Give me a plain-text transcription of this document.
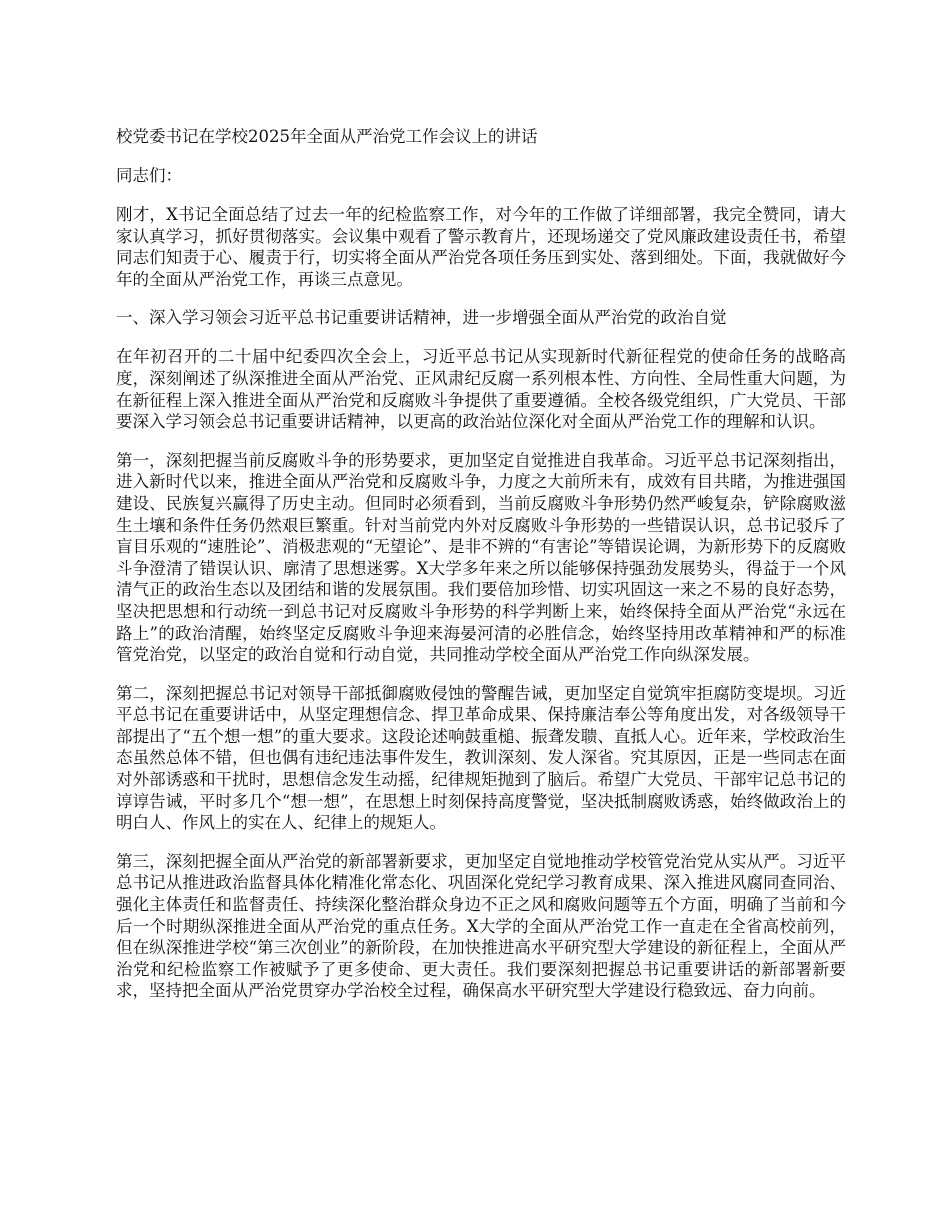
校党委书记在学校2025年全面从严治党工作会议上的讲话
同志们：
刚才，X书记全面总结了过去一年的纪检监察工作，对今年的工作做了详细部署，我完全赞同，请大家认真学习，抓好贯彻落实。会议集中观看了警示教育片，还现场递交了党风廉政建设责任书，希望同志们知责于心、履责于行，切实将全面从严治党各项任务压到实处、落到细处。下面，我就做好今年的全面从严治党工作，再谈三点意见。
一、深入学习领会习近平总书记重要讲话精神，进一步增强全面从严治党的政治自觉
在年初召开的二十届中纪委四次全会上，习近平总书记从实现新时代新征程党的使命任务的战略高度，深刻阐述了纵深推进全面从严治党、正风肃纪反腐一系列根本性、方向性、全局性重大问题，为在新征程上深入推进全面从严治党和反腐败斗争提供了重要遵循。全校各级党组织，广大党员、干部要深入学习领会总书记重要讲话精神，以更高的政治站位深化对全面从严治党工作的理解和认识。
第一，深刻把握当前反腐败斗争的形势要求，更加坚定自觉推进自我革命。习近平总书记深刻指出，进入新时代以来，推进全面从严治党和反腐败斗争，力度之大前所未有，成效有目共睹，为推进强国建设、民族复兴赢得了历史主动。但同时必须看到，当前反腐败斗争形势仍然严峻复杂，铲除腐败滋生土壤和条件任务仍然艰巨繁重。针对当前党内外对反腐败斗争形势的一些错误认识，总书记驳斥了盲目乐观的“速胜论”、消极悲观的“无望论”、是非不辨的“有害论”等错误论调，为新形势下的反腐败斗争澄清了错误认识、廓清了思想迷雾。X大学多年来之所以能够保持强劲发展势头，得益于一个风清气正的政治生态以及团结和谐的发展氛围。我们要倍加珍惜、切实巩固这一来之不易的良好态势，坚决把思想和行动统一到总书记对反腐败斗争形势的科学判断上来，始终保持全面从严治党“永远在路上”的政治清醒，始终坚定反腐败斗争迎来海晏河清的必胜信念，始终坚持用改革精神和严的标准管党治党，以坚定的政治自觉和行动自觉，共同推动学校全面从严治党工作向纵深发展。
第二，深刻把握总书记对领导干部抵御腐败侵蚀的警醒告诫，更加坚定自觉筑牢拒腐防变堤坝。习近平总书记在重要讲话中，从坚定理想信念、捍卫革命成果、保持廉洁奉公等角度出发，对各级领导干部提出了“五个想一想”的重大要求。这段论述响鼓重槌、振聋发聩、直抵人心。近年来，学校政治生态虽然总体不错，但也偶有违纪违法事件发生，教训深刻、发人深省。究其原因，正是一些同志在面对外部诱惑和干扰时，思想信念发生动摇，纪律规矩抛到了脑后。希望广大党员、干部牢记总书记的谆谆告诫，平时多几个“想一想”，在思想上时刻保持高度警觉，坚决抵制腐败诱惑，始终做政治上的明白人、作风上的实在人、纪律上的规矩人。
第三，深刻把握全面从严治党的新部署新要求，更加坚定自觉地推动学校管党治党从实从严。习近平总书记从推进政治监督具体化精准化常态化、巩固深化党纪学习教育成果、深入推进风腐同查同治、强化主体责任和监督责任、持续深化整治群众身边不正之风和腐败问题等五个方面，明确了当前和今后一个时期纵深推进全面从严治党的重点任务。X大学的全面从严治党工作一直走在全省高校前列，但在纵深推进学校“第三次创业”的新阶段，在加快推进高水平研究型大学建设的新征程上，全面从严治党和纪检监察工作被赋予了更多使命、更大责任。我们要深刻把握总书记重要讲话的新部署新要求，坚持把全面从严治党贯穿办学治校全过程，确保高水平研究型大学建设行稳致远、奋力向前。
